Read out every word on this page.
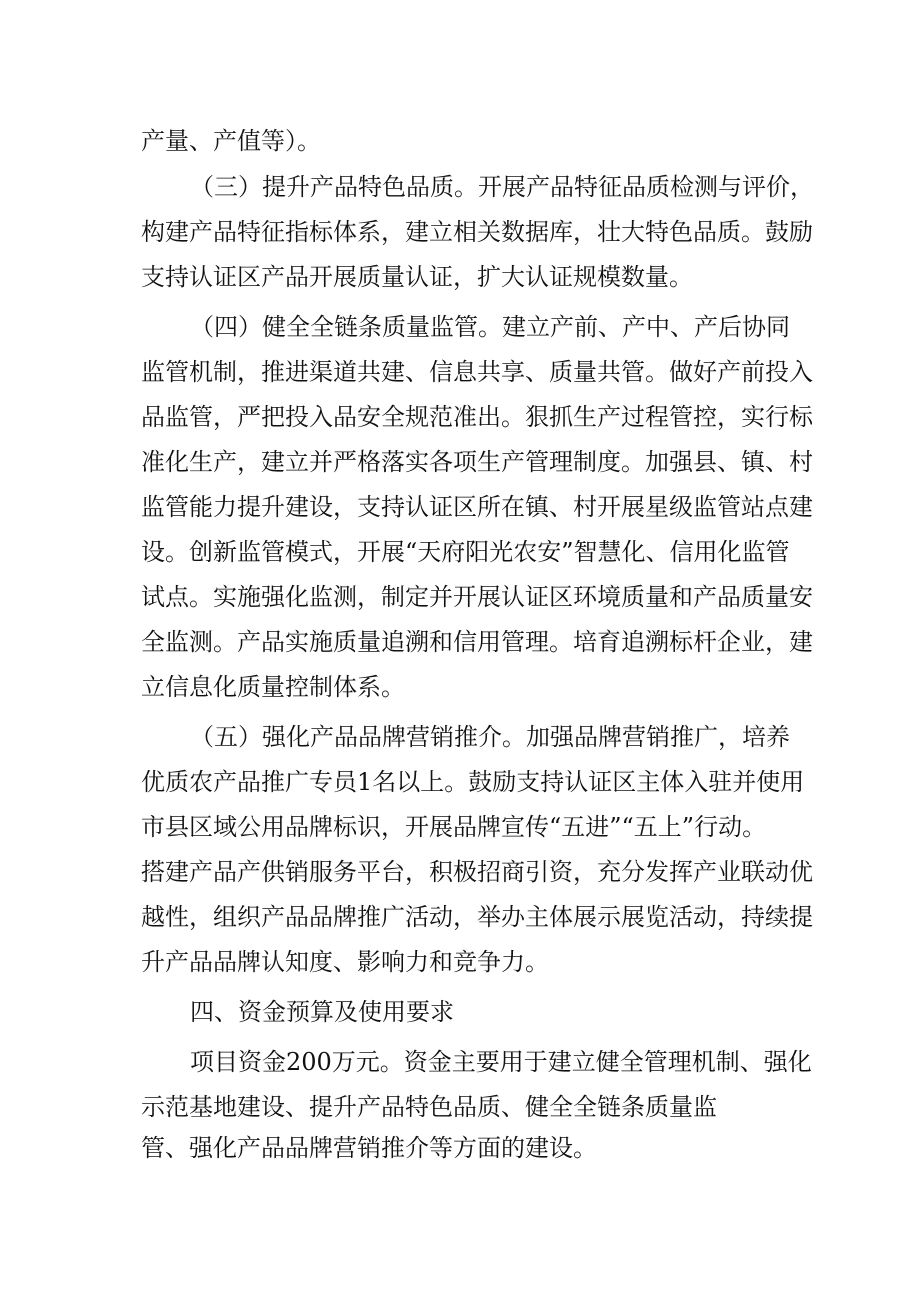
产量、产值等）。

（三）提升产品特色品质。开展产品特征品质检测与评价，

构建产品特征指标体系，建立相关数据库，壮大特色品质。鼓励

支持认证区产品开展质量认证，扩大认证规模数量。

（四）健全全链条质量监管。建立产前、产中、产后协同

监管机制，推进渠道共建、信息共享、质量共管。做好产前投入

品监管，严把投入品安全规范准出。狠抓生产过程管控，实行标

准化生产，建立并严格落实各项生产管理制度。加强县、镇、村

监管能力提升建设，支持认证区所在镇、村开展星级监管站点建

设。创新监管模式，开展“天府阳光农安”智慧化、信用化监管

试点。实施强化监测，制定并开展认证区环境质量和产品质量安

全监测。产品实施质量追溯和信用管理。培育追溯标杆企业，建

立信息化质量控制体系。

（五）强化产品品牌营销推介。加强品牌营销推广，培养

优质农产品推广专员1名以上。鼓励支持认证区主体入驻并使用

市县区域公用品牌标识，开展品牌宣传“五进”“五上”行动。

搭建产品产供销服务平台，积极招商引资，充分发挥产业联动优

越性，组织产品品牌推广活动，举办主体展示展览活动，持续提

升产品品牌认知度、影响力和竞争力。

四、资金预算及使用要求

项目资金200万元。资金主要用于建立健全管理机制、强化

示范基地建设、提升产品特色品质、健全全链条质量监

管、强化产品品牌营销推介等方面的建设。
